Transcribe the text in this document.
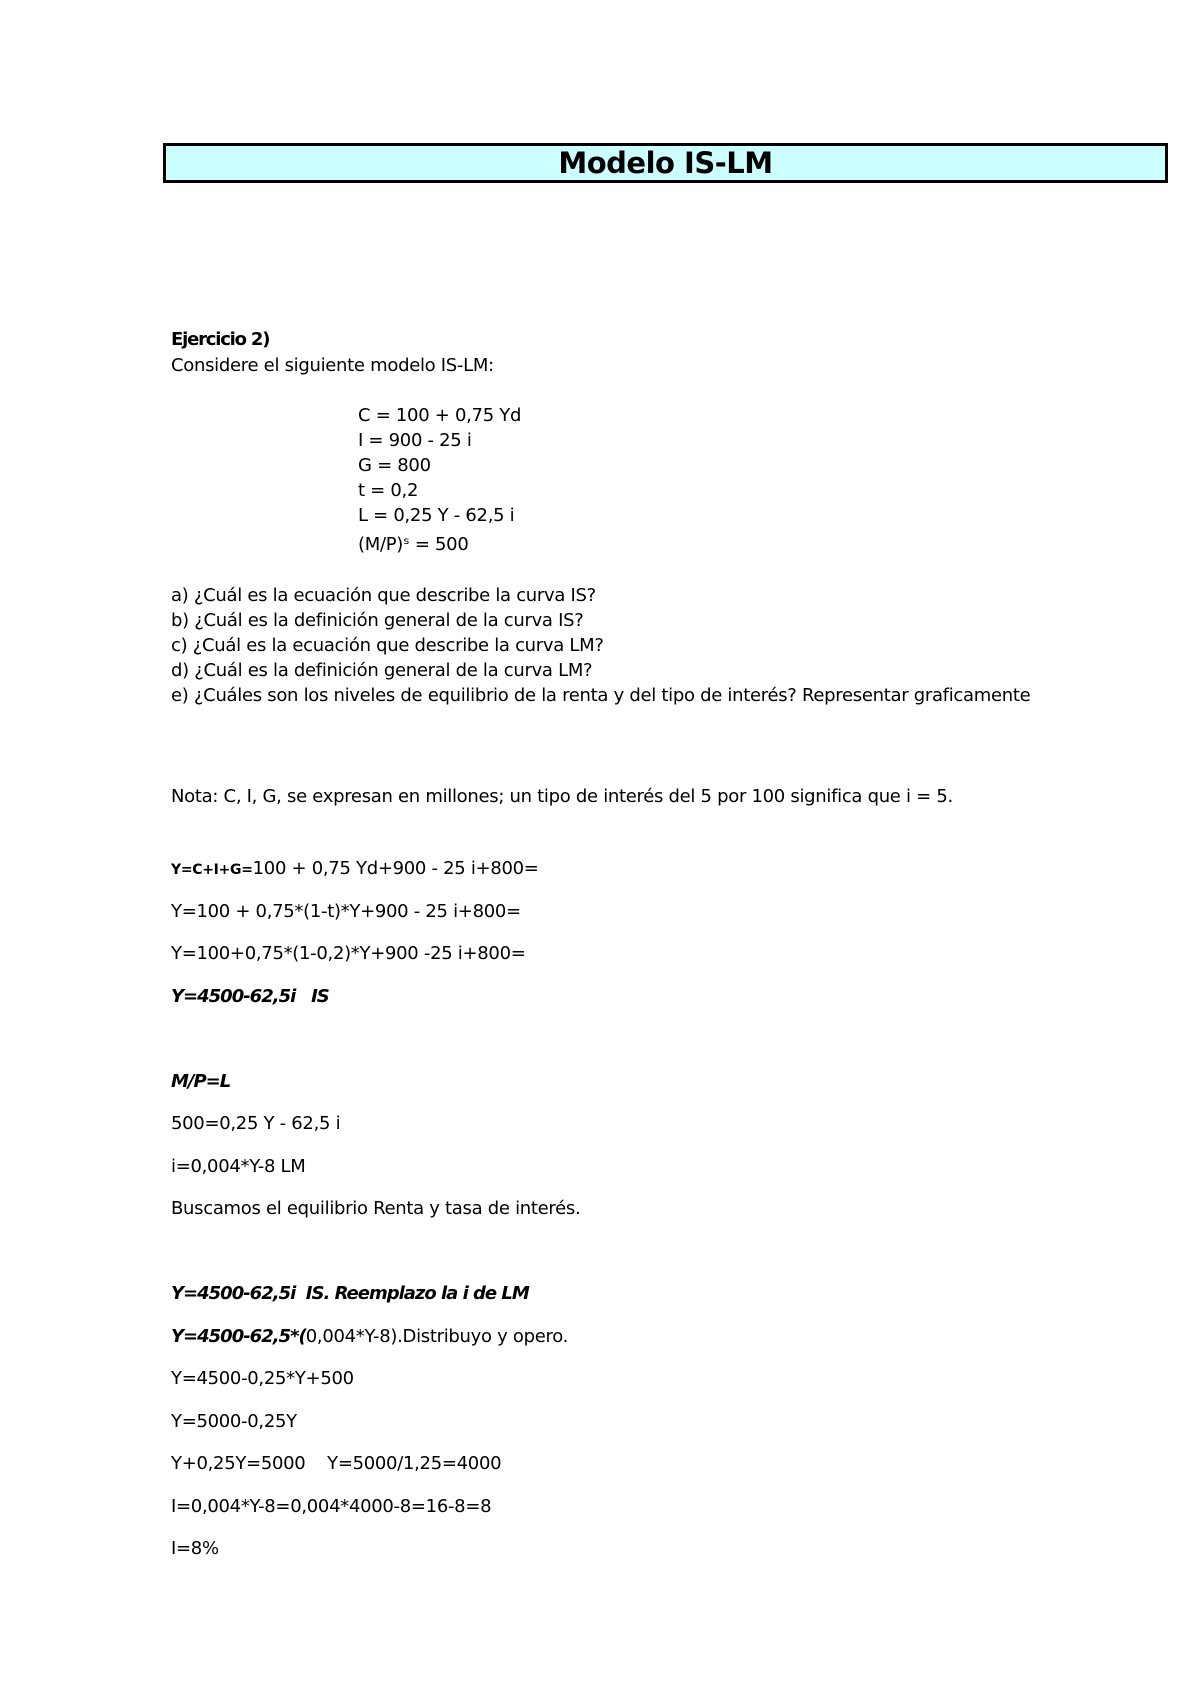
Modelo IS-LM
Ejercicio 2)
Considere el siguiente modelo IS-LM:
C = 100 + 0,75 Yd
I = 900 - 25 i
G = 800
t = 0,2
L = 0,25 Y - 62,5 i
(M/P)ˢ = 500
a) ¿Cuál es la ecuación que describe la curva IS?
b) ¿Cuál es la definición general de la curva IS?
c) ¿Cuál es la ecuación que describe la curva LM?
d) ¿Cuál es la definición general de la curva LM?
e) ¿Cuáles son los niveles de equilibrio de la renta y del tipo de interés? Representar graficamente
Nota: C, I, G, se expresan en millones; un tipo de interés del 5 por 100 significa que i = 5.
Y=C+I+G=100 + 0,75 Yd+900 - 25 i+800=
Y=100 + 0,75*(1-t)*Y+900 - 25 i+800=
Y=100+0,75*(1-0,2)*Y+900 -25 i+800=
Y=4500-62,5i   IS
M/P=L
500=0,25 Y - 62,5 i
i=0,004*Y-8 LM
Buscamos el equilibrio Renta y tasa de interés.
Y=4500-62,5i  IS. Reemplazo la i de LM
Y=4500-62,5*(0,004*Y-8).Distribuyo y opero.
Y=4500-0,25*Y+500
Y=5000-0,25Y
Y+0,25Y=5000    Y=5000/1,25=4000
I=0,004*Y-8=0,004*4000-8=16-8=8
I=8%
